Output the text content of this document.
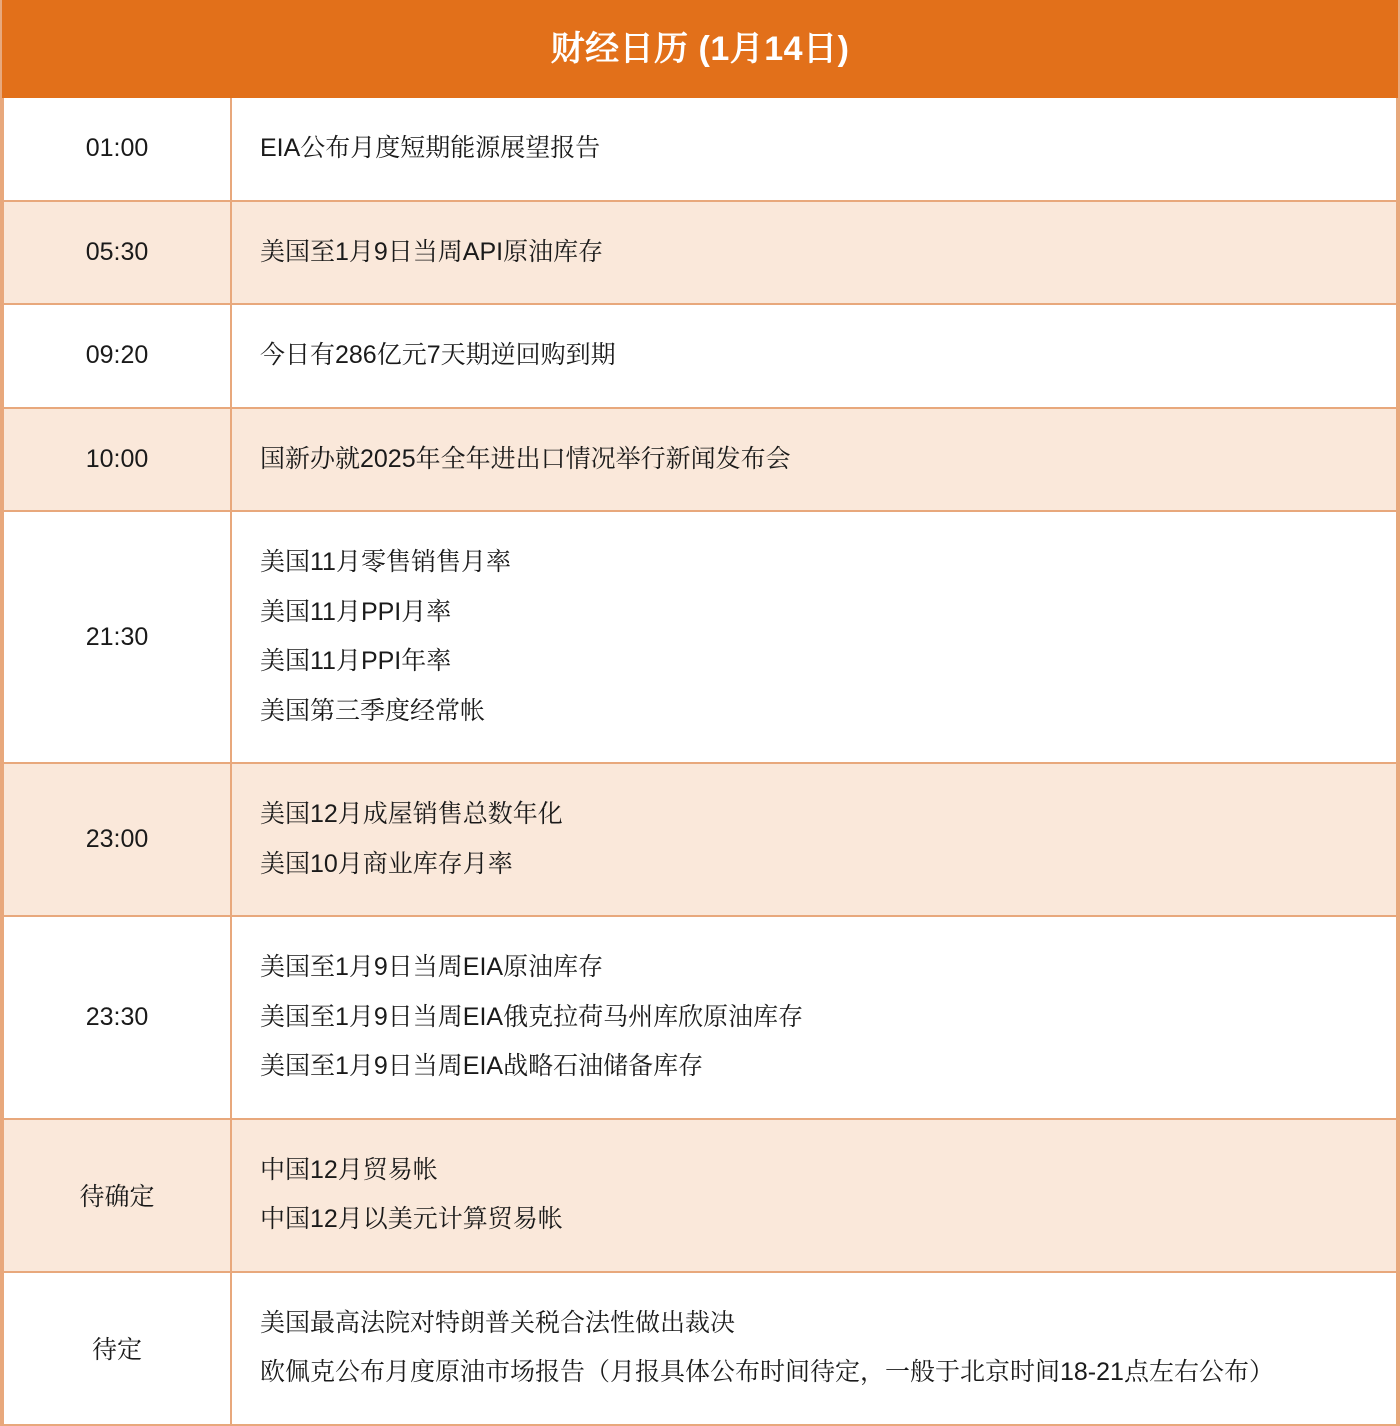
财经日历 (1月14日)
01:00	EIA公布月度短期能源展望报告

05:30	美国至1月9日当周API原油库存

09:20	今日有286亿元7天期逆回购到期

10:00	国新办就2025年全年进出口情况举行新闻发布会

21:30	美国11月零售销售月率
美国11月PPI月率
美国11月PPI年率
美国第三季度经常帐

23:00	美国12月成屋销售总数年化
美国10月商业库存月率

23:30	美国至1月9日当周EIA原油库存
美国至1月9日当周EIA俄克拉荷马州库欣原油库存
美国至1月9日当周EIA战略石油储备库存

待确定	中国12月贸易帐
中国12月以美元计算贸易帐

待定	美国最高法院对特朗普关税合法性做出裁决
欧佩克公布月度原油市场报告（月报具体公布时间待定，一般于北京时间18-21点左右公布）
